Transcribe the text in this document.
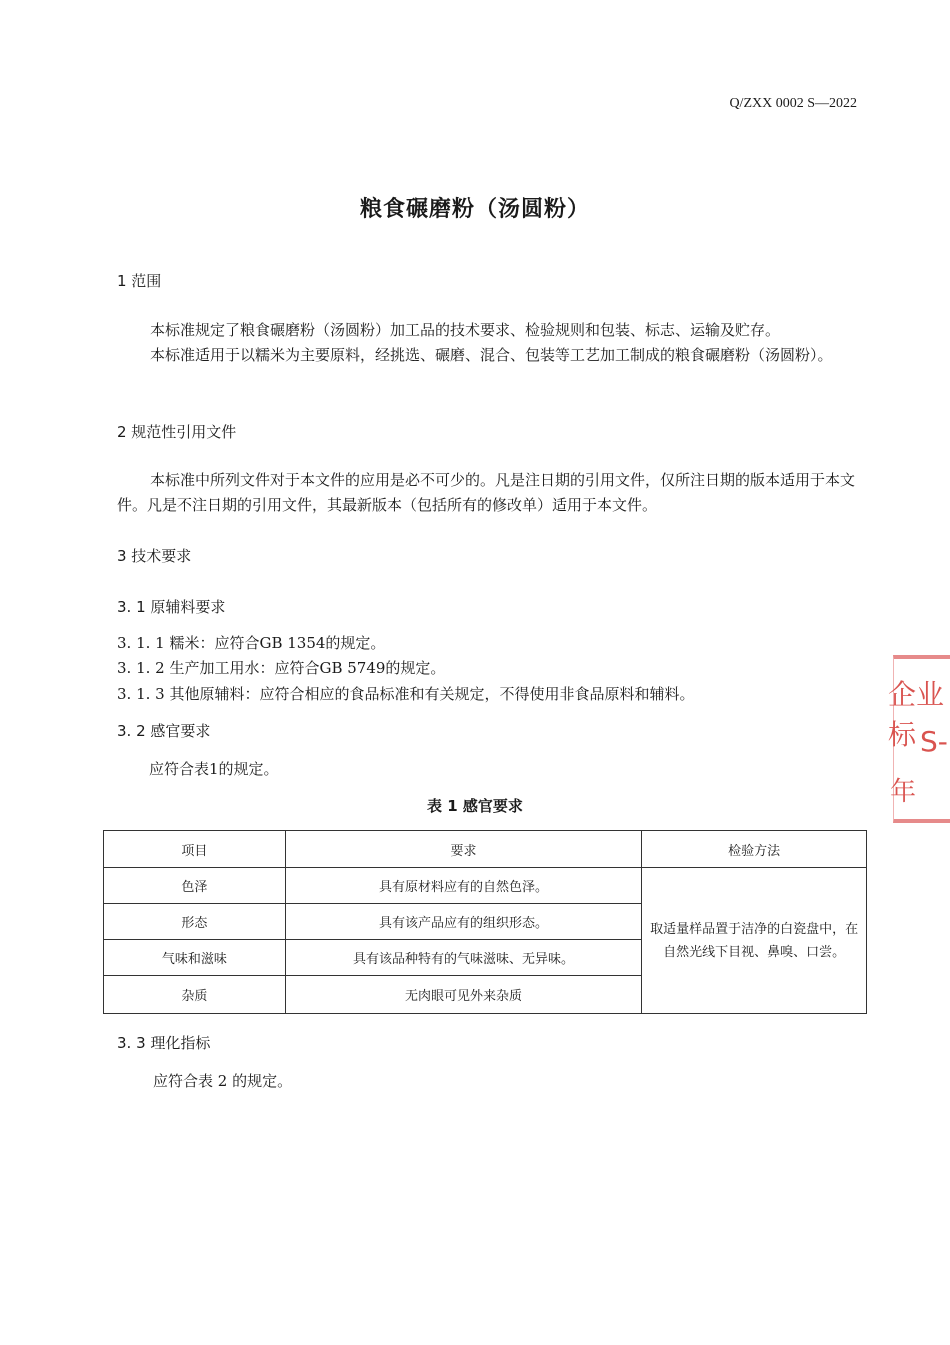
Q/ZXX 0002 S—2022
粮食碾磨粉（汤圆粉）
1 范围
本标准规定了粮食碾磨粉（汤圆粉）加工品的技术要求、检验规则和包装、标志、运输及贮存。
本标准适用于以糯米为主要原料，经挑选、碾磨、混合、包装等工艺加工制成的粮食碾磨粉（汤圆粉）。
2 规范性引用文件
本标准中所列文件对于本文件的应用是必不可少的。凡是注日期的引用文件，仅所注日期的版本适用于本文件。凡是不注日期的引用文件，其最新版本（包括所有的修改单）适用于本文件。
3 技术要求
3. 1 原辅料要求
3. 1. 1 糯米：应符合GB 1354的规定。
3. 1. 2 生产加工用水：应符合GB 5749的规定。
3. 1. 3 其他原辅料：应符合相应的食品标准和有关规定，不得使用非食品原料和辅料。
3. 2 感官要求
应符合表1的规定。
表 1 感官要求
项目	要求	检验方法
色泽	具有原材料应有的自然色泽。	取适量样品置于洁净的白瓷盘中，在自然光线下目视、鼻嗅、口尝。
形态	具有该产品应有的组织形态。	
气味和滋味	具有该品种特有的气味滋味、无异味。	
杂质	无肉眼可见外来杂质	
3. 3 理化指标
应符合表 2 的规定。
企业标 S-
年
